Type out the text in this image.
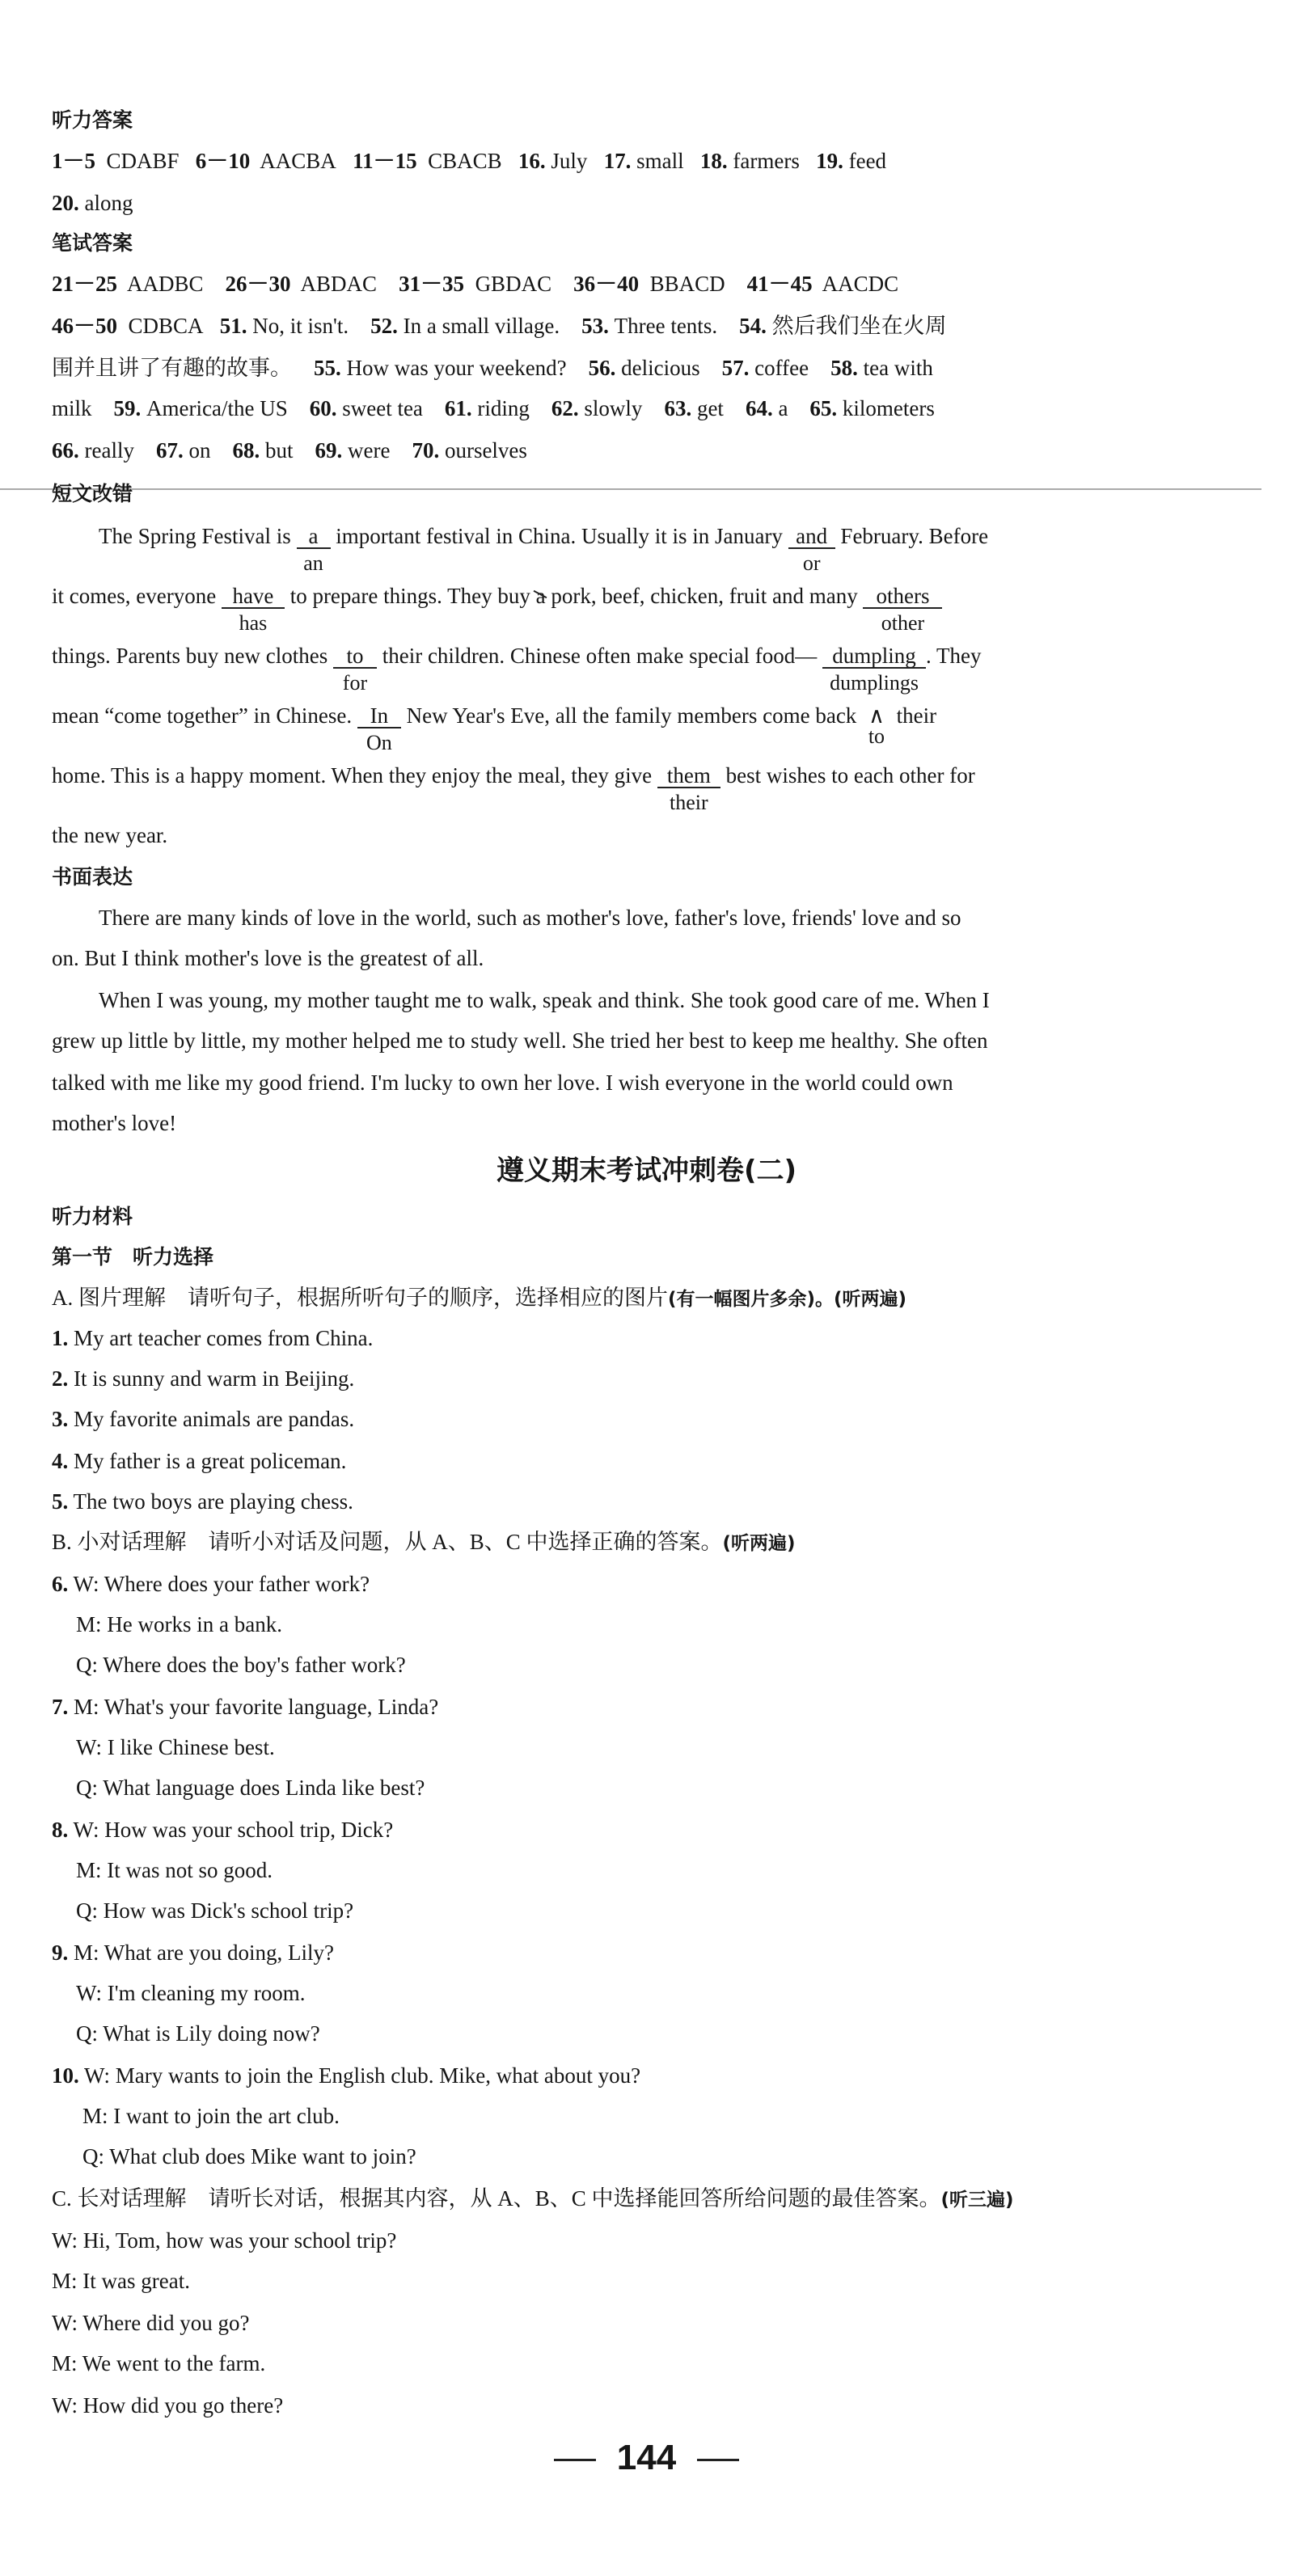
听力答案
1－5 CDABF 6－10 AACBA 11－15 CBACB 16. July 17. small 18. farmers 19. feed
20. along
笔试答案
21－25 AADBC 26－30 ABDAC 31－35 GBDAC 36－40 BBACD 41－45 AACDC
46－50 CDBCA 51. No, it isn't. 52. In a small village. 53. Three tents. 54. 然后我们坐在火周
围并且讲了有趣的故事。 55. How was your weekend? 56. delicious 57. coffee 58. tea with
milk 59. America/the US 60. sweet tea 61. riding 62. slowly 63. get 64. a 65. kilometers
66. really 67. on 68. but 69. were 70. ourselves
短文改错
The Spring Festival is a
an
important festival in China. Usually it is in January and
or
February. Before
it comes, everyone have
has
to prepare things. They buy a pork, beef, chicken, fruit and many others
other
things. Parents buy new clothes to
for
their children. Chinese often make special food— dumpling
dumplings
. They
mean “come together” in Chinese. In
On
New Year's Eve, all the family members come back ∧
to
their
home. This is a happy moment. When they enjoy the meal, they give them
their
best wishes to each other for
the new year.
书面表达
There are many kinds of love in the world, such as mother's love, father's love, friends' love and so
on. But I think mother's love is the greatest of all.
When I was young, my mother taught me to walk, speak and think. She took good care of me. When I
grew up little by little, my mother helped me to study well. She tried her best to keep me healthy. She often
talked with me like my good friend. I'm lucky to own her love. I wish everyone in the world could own
mother's love!
遵义期末考试冲刺卷(二)
听力材料
第一节　听力选择
A. 图片理解　请听句子，根据所听句子的顺序，选择相应的图片(有一幅图片多余)。(听两遍)
1. My art teacher comes from China.
2. It is sunny and warm in Beijing.
3. My favorite animals are pandas.
4. My father is a great policeman.
5. The two boys are playing chess.
B. 小对话理解　请听小对话及问题，从 A、B、C 中选择正确的答案。(听两遍)
6. W: Where does your father work?
M: He works in a bank.
Q: Where does the boy's father work?
7. M: What's your favorite language, Linda?
W: I like Chinese best.
Q: What language does Linda like best?
8. W: How was your school trip, Dick?
M: It was not so good.
Q: How was Dick's school trip?
9. M: What are you doing, Lily?
W: I'm cleaning my room.
Q: What is Lily doing now?
10. W: Mary wants to join the English club. Mike, what about you?
M: I want to join the art club.
Q: What club does Mike want to join?
C. 长对话理解　请听长对话，根据其内容，从 A、B、C 中选择能回答所给问题的最佳答案。(听三遍)
W: Hi, Tom, how was your school trip?
M: It was great.
W: Where did you go?
M: We went to the farm.
W: How did you go there?
144
